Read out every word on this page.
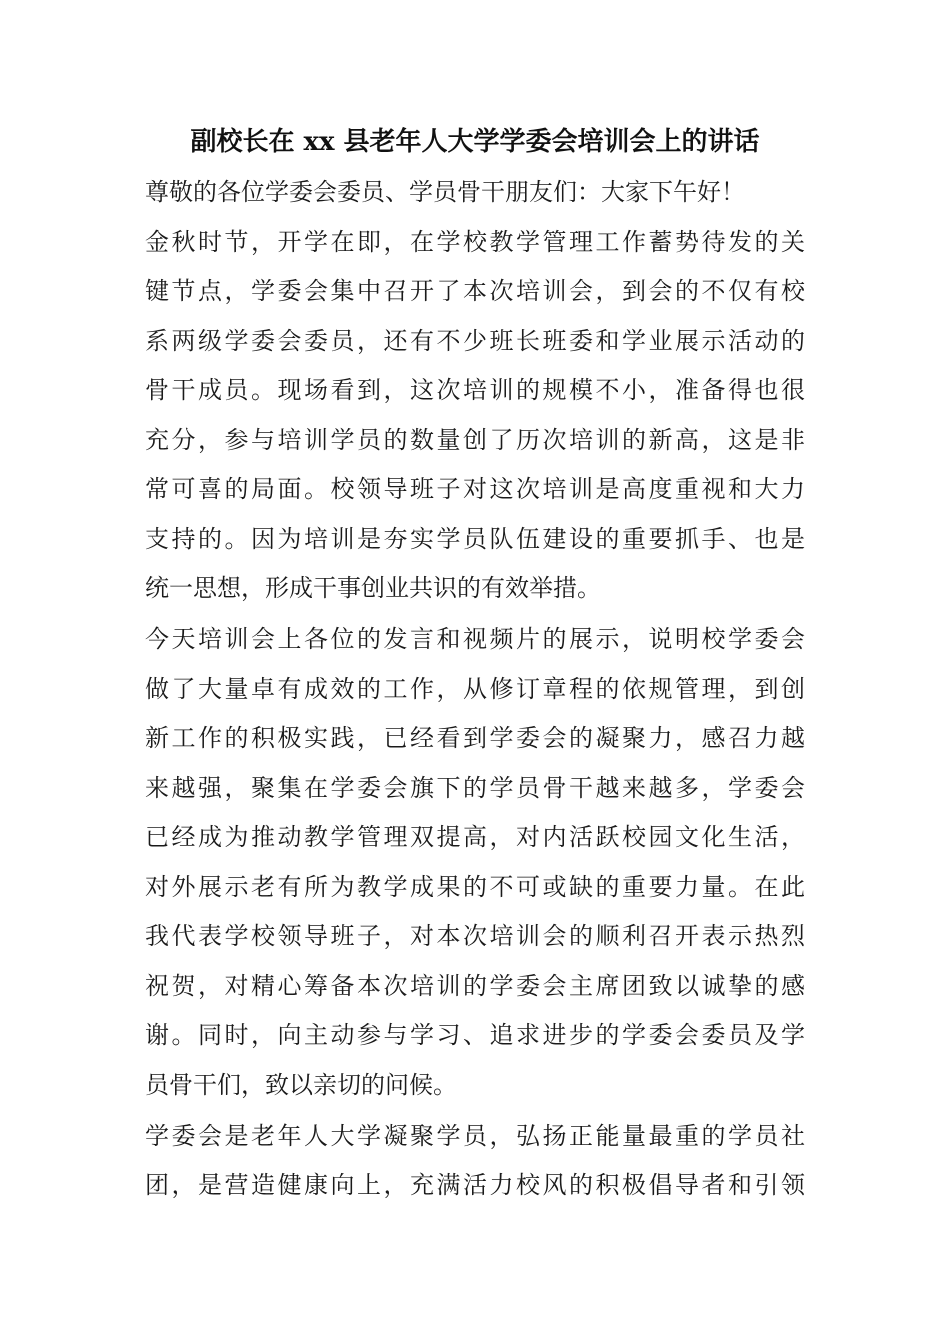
副校长在 xx 县老年人大学学委会培训会上的讲话
尊敬的各位学委会委员、学员骨干朋友们：大家下午好！
金秋时节，开学在即，在学校教学管理工作蓄势待发的关
键节点，学委会集中召开了本次培训会，到会的不仅有校
系两级学委会委员，还有不少班长班委和学业展示活动的
骨干成员。现场看到，这次培训的规模不小，准备得也很
充分，参与培训学员的数量创了历次培训的新高，这是非
常可喜的局面。校领导班子对这次培训是高度重视和大力
支持的。因为培训是夯实学员队伍建设的重要抓手、也是
统一思想，形成干事创业共识的有效举措。
今天培训会上各位的发言和视频片的展示，说明校学委会
做了大量卓有成效的工作，从修订章程的依规管理，到创
新工作的积极实践，已经看到学委会的凝聚力，感召力越
来越强，聚集在学委会旗下的学员骨干越来越多，学委会
已经成为推动教学管理双提高，对内活跃校园文化生活，
对外展示老有所为教学成果的不可或缺的重要力量。在此
我代表学校领导班子，对本次培训会的顺利召开表示热烈
祝贺，对精心筹备本次培训的学委会主席团致以诚挚的感
谢。同时，向主动参与学习、追求进步的学委会委员及学
员骨干们，致以亲切的问候。
学委会是老年人大学凝聚学员，弘扬正能量最重的学员社
团，是营造健康向上，充满活力校风的积极倡导者和引领
